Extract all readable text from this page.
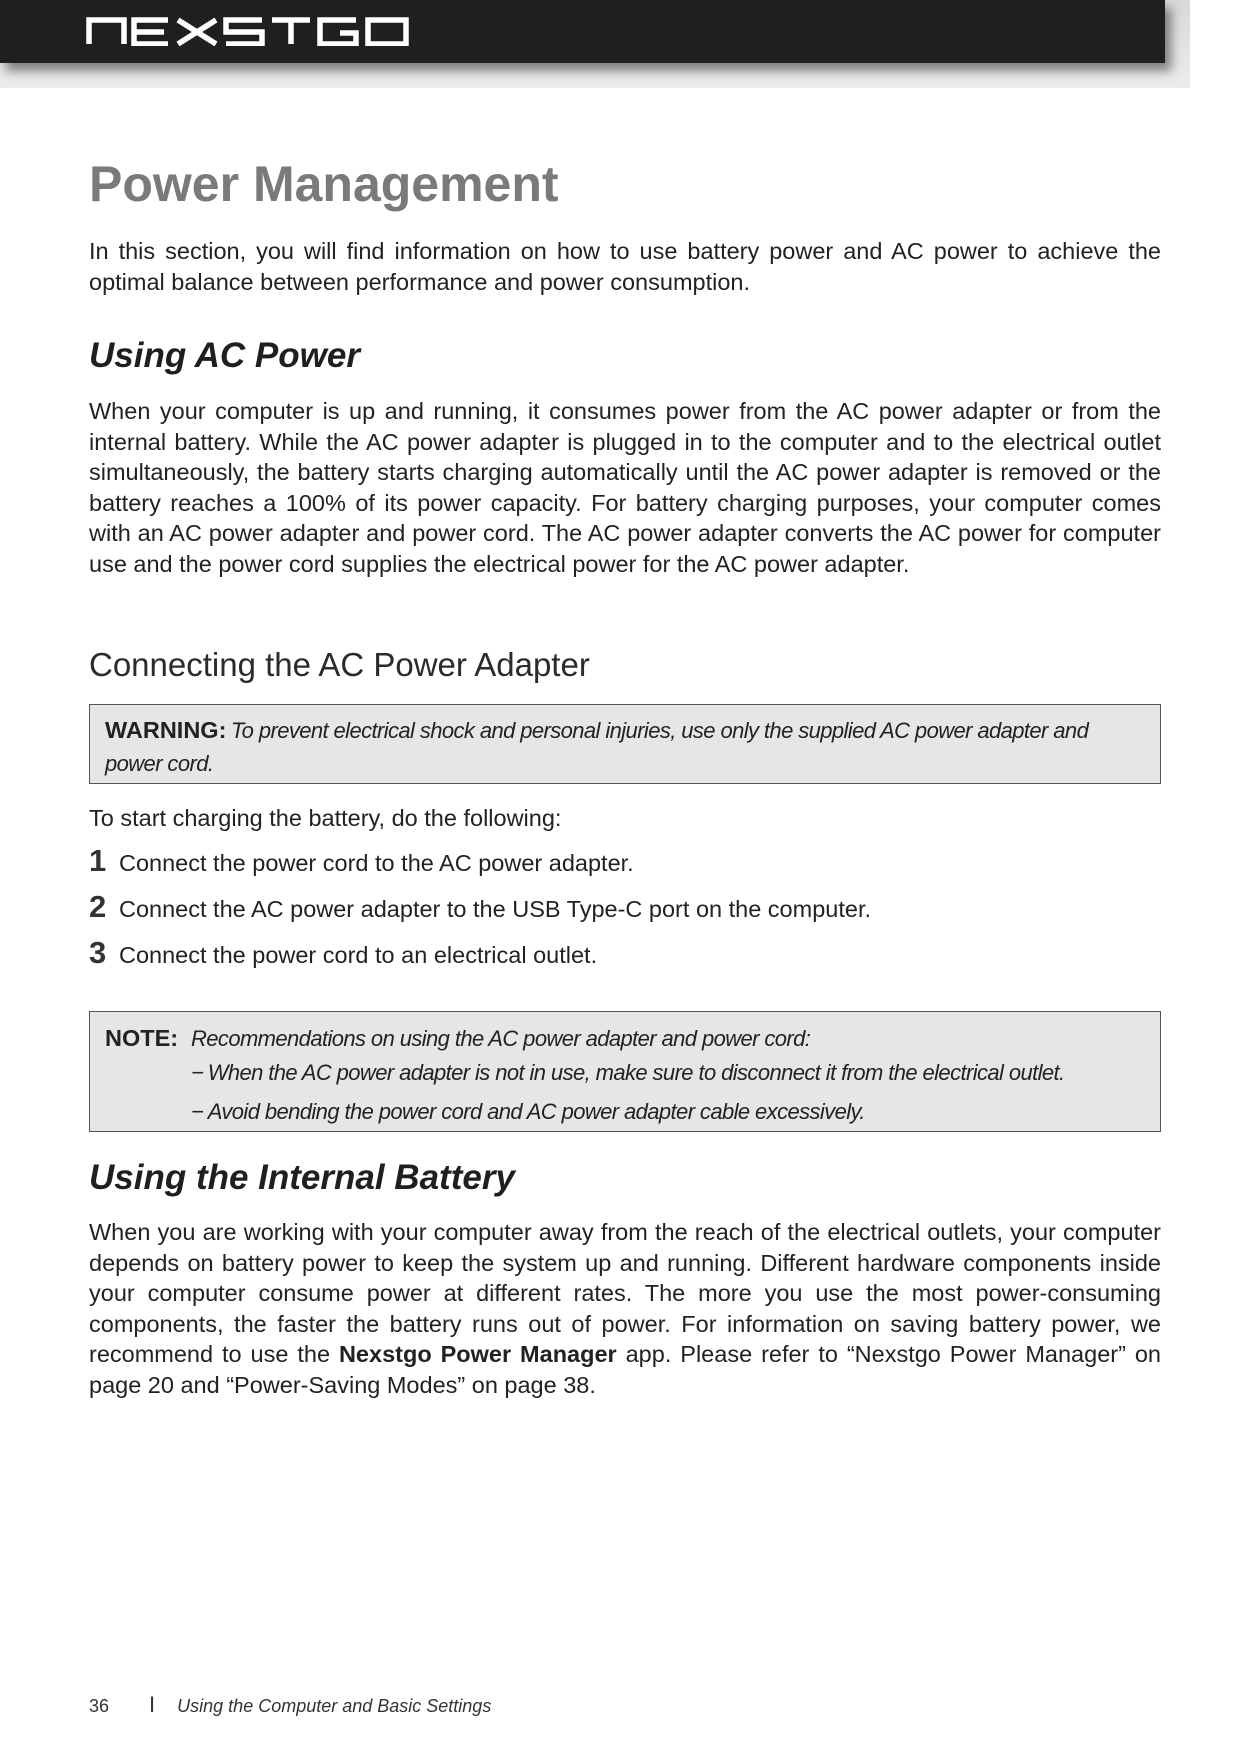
Power Management

In this section, you will find information on how to use battery power and AC power to achieve the optimal balance between performance and power consumption.

Using AC Power

When your computer is up and running, it consumes power from the AC power adapter or from the internal battery. While the AC power adapter is plugged in to the computer and to the electrical outlet simultaneously, the battery starts charging automatically until the AC power adapter is removed or the battery reaches a 100% of its power capacity. For battery charging purposes, your computer comes with an AC power adapter and power cord. The AC power adapter converts the AC power for computer use and the power cord supplies the electrical power for the AC power adapter.

Connecting the AC Power Adapter
WARNING: To prevent electrical shock and personal injuries, use only the supplied AC power adapter and power cord.

To start charging the battery, do the following:

1 Connect the power cord to the AC power adapter.
2 Connect the AC power adapter to the USB Type-C port on the computer.
3 Connect the power cord to an electrical outlet.
NOTE: Recommendations on using the AC power adapter and power cord:
− When the AC power adapter is not in use, make sure to disconnect it from the electrical outlet.
− Avoid bending the power cord and AC power adapter cable excessively.
Using the Internal Battery

When you are working with your computer away from the reach of the electrical outlets, your computer depends on battery power to keep the system up and running. Different hardware components inside your computer consume power at different rates. The more you use the most power-consuming components, the faster the battery runs out of power. For information on saving battery power, we recommend to use the Nexstgo Power Manager app. Please refer to “Nexstgo Power Manager” on page 20 and “Power-Saving Modes” on page 38.

36 I Using the Computer and Basic Settings
